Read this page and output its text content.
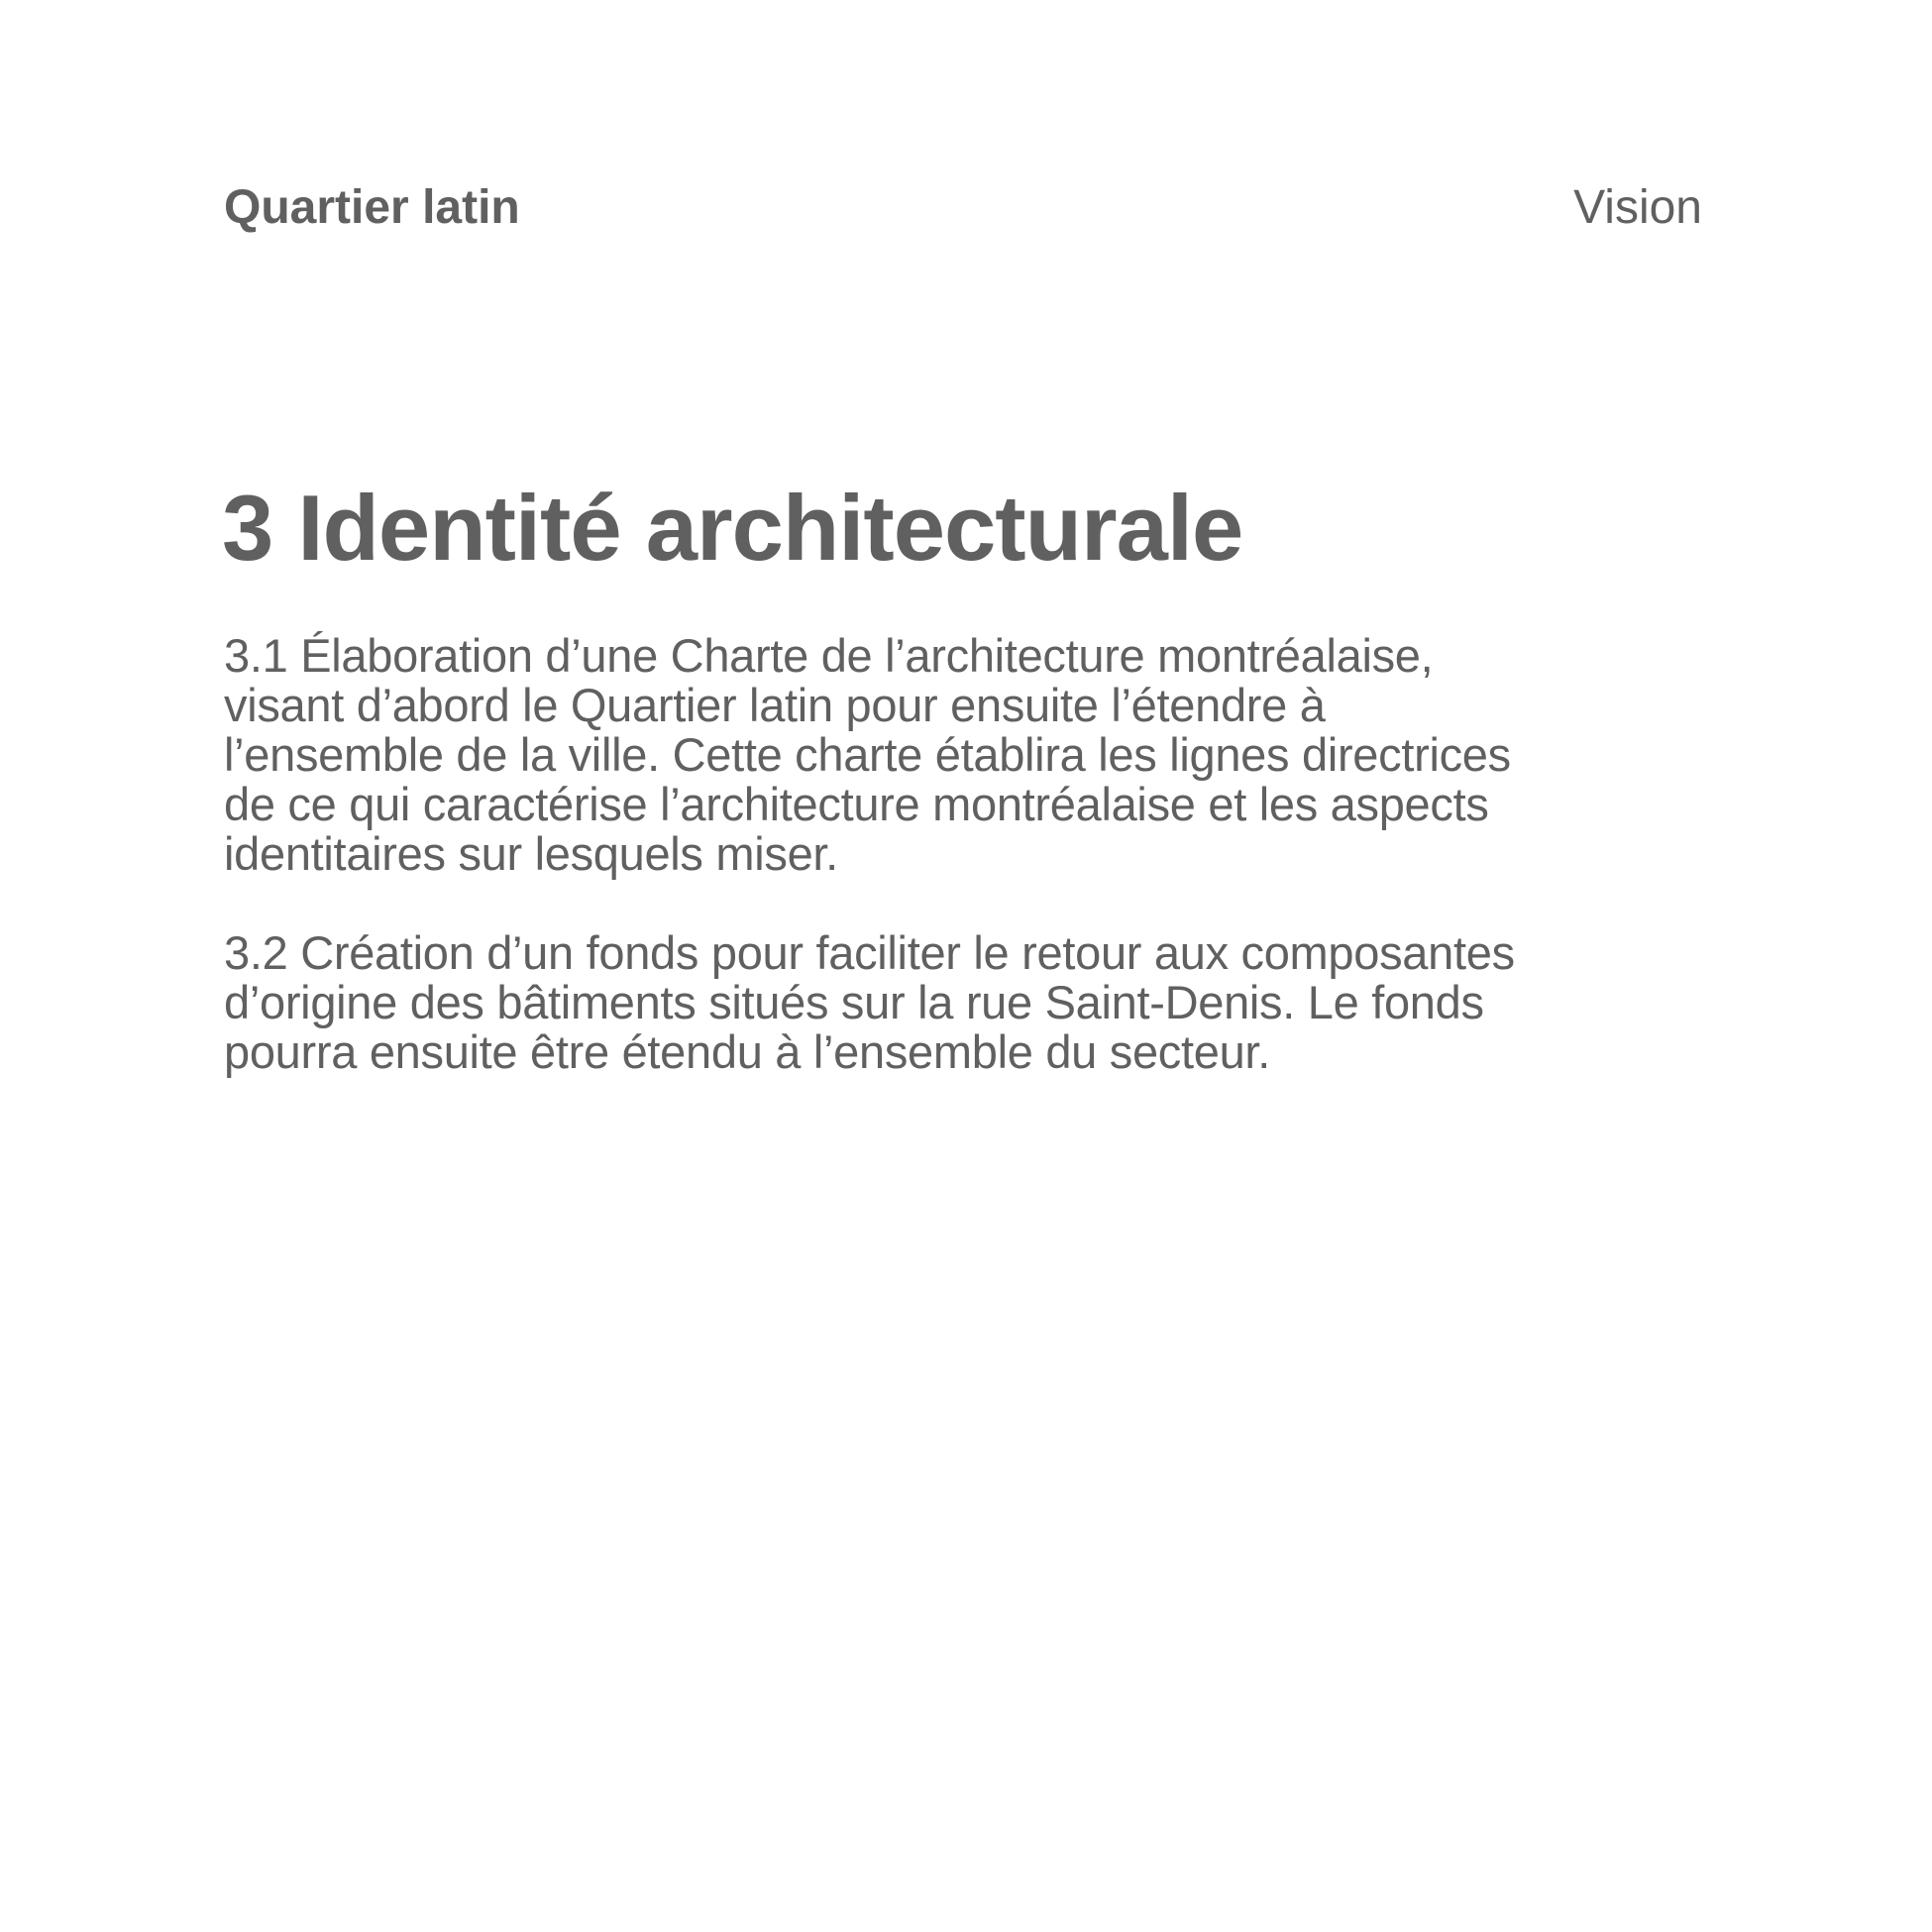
Quartier latin	Vision
3 Identité architecturale

3.1 Élaboration d’une Charte de l’architecture montréalaise,
visant d’abord le Quartier latin pour ensuite l’étendre à
l’ensemble de la ville. Cette charte établira les lignes directrices
de ce qui caractérise l’architecture montréalaise et les aspects
identitaires sur lesquels miser.

3.2 Création d’un fonds pour faciliter le retour aux composantes
d’origine des bâtiments situés sur la rue Saint-Denis. Le fonds
pourra ensuite être étendu à l’ensemble du secteur.
